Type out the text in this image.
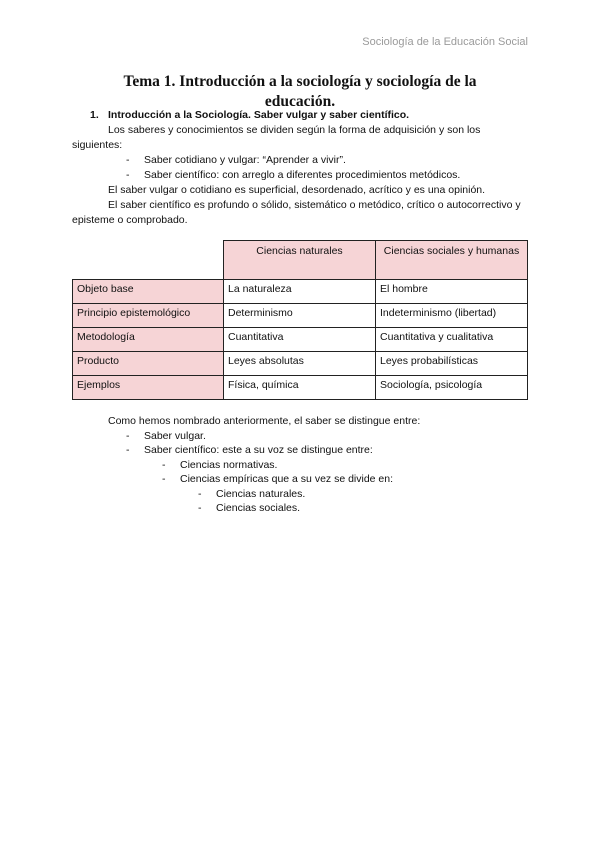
Sociología de la Educación Social
Tema 1. Introducción a la sociología y sociología de la educación.
1. Introducción a la Sociología. Saber vulgar y saber científico.
Los saberes y conocimientos se dividen según la forma de adquisición y son los siguientes:
- Saber cotidiano y vulgar: “Aprender a vivir”.
- Saber científico: con arreglo a diferentes procedimientos metódicos.
El saber vulgar o cotidiano es superficial, desordenado, acrítico y es una opinión.
El saber científico es profundo o sólido, sistemático o metódico, crítico o autocorrectivo y episteme o comprobado.
	Ciencias naturales	Ciencias sociales y humanas
Objeto base	La naturaleza	El hombre
Principio epistemológico	Determinismo	Indeterminismo (libertad)
Metodología	Cuantitativa	Cuantitativa y cualitativa
Producto	Leyes absolutas	Leyes probabilísticas
Ejemplos	Física, química	Sociología, psicología
Como hemos nombrado anteriormente, el saber se distingue entre:
- Saber vulgar.
- Saber científico: este a su voz se distingue entre:
- Ciencias normativas.
- Ciencias empíricas que a su vez se divide en:
- Ciencias naturales.
- Ciencias sociales.
